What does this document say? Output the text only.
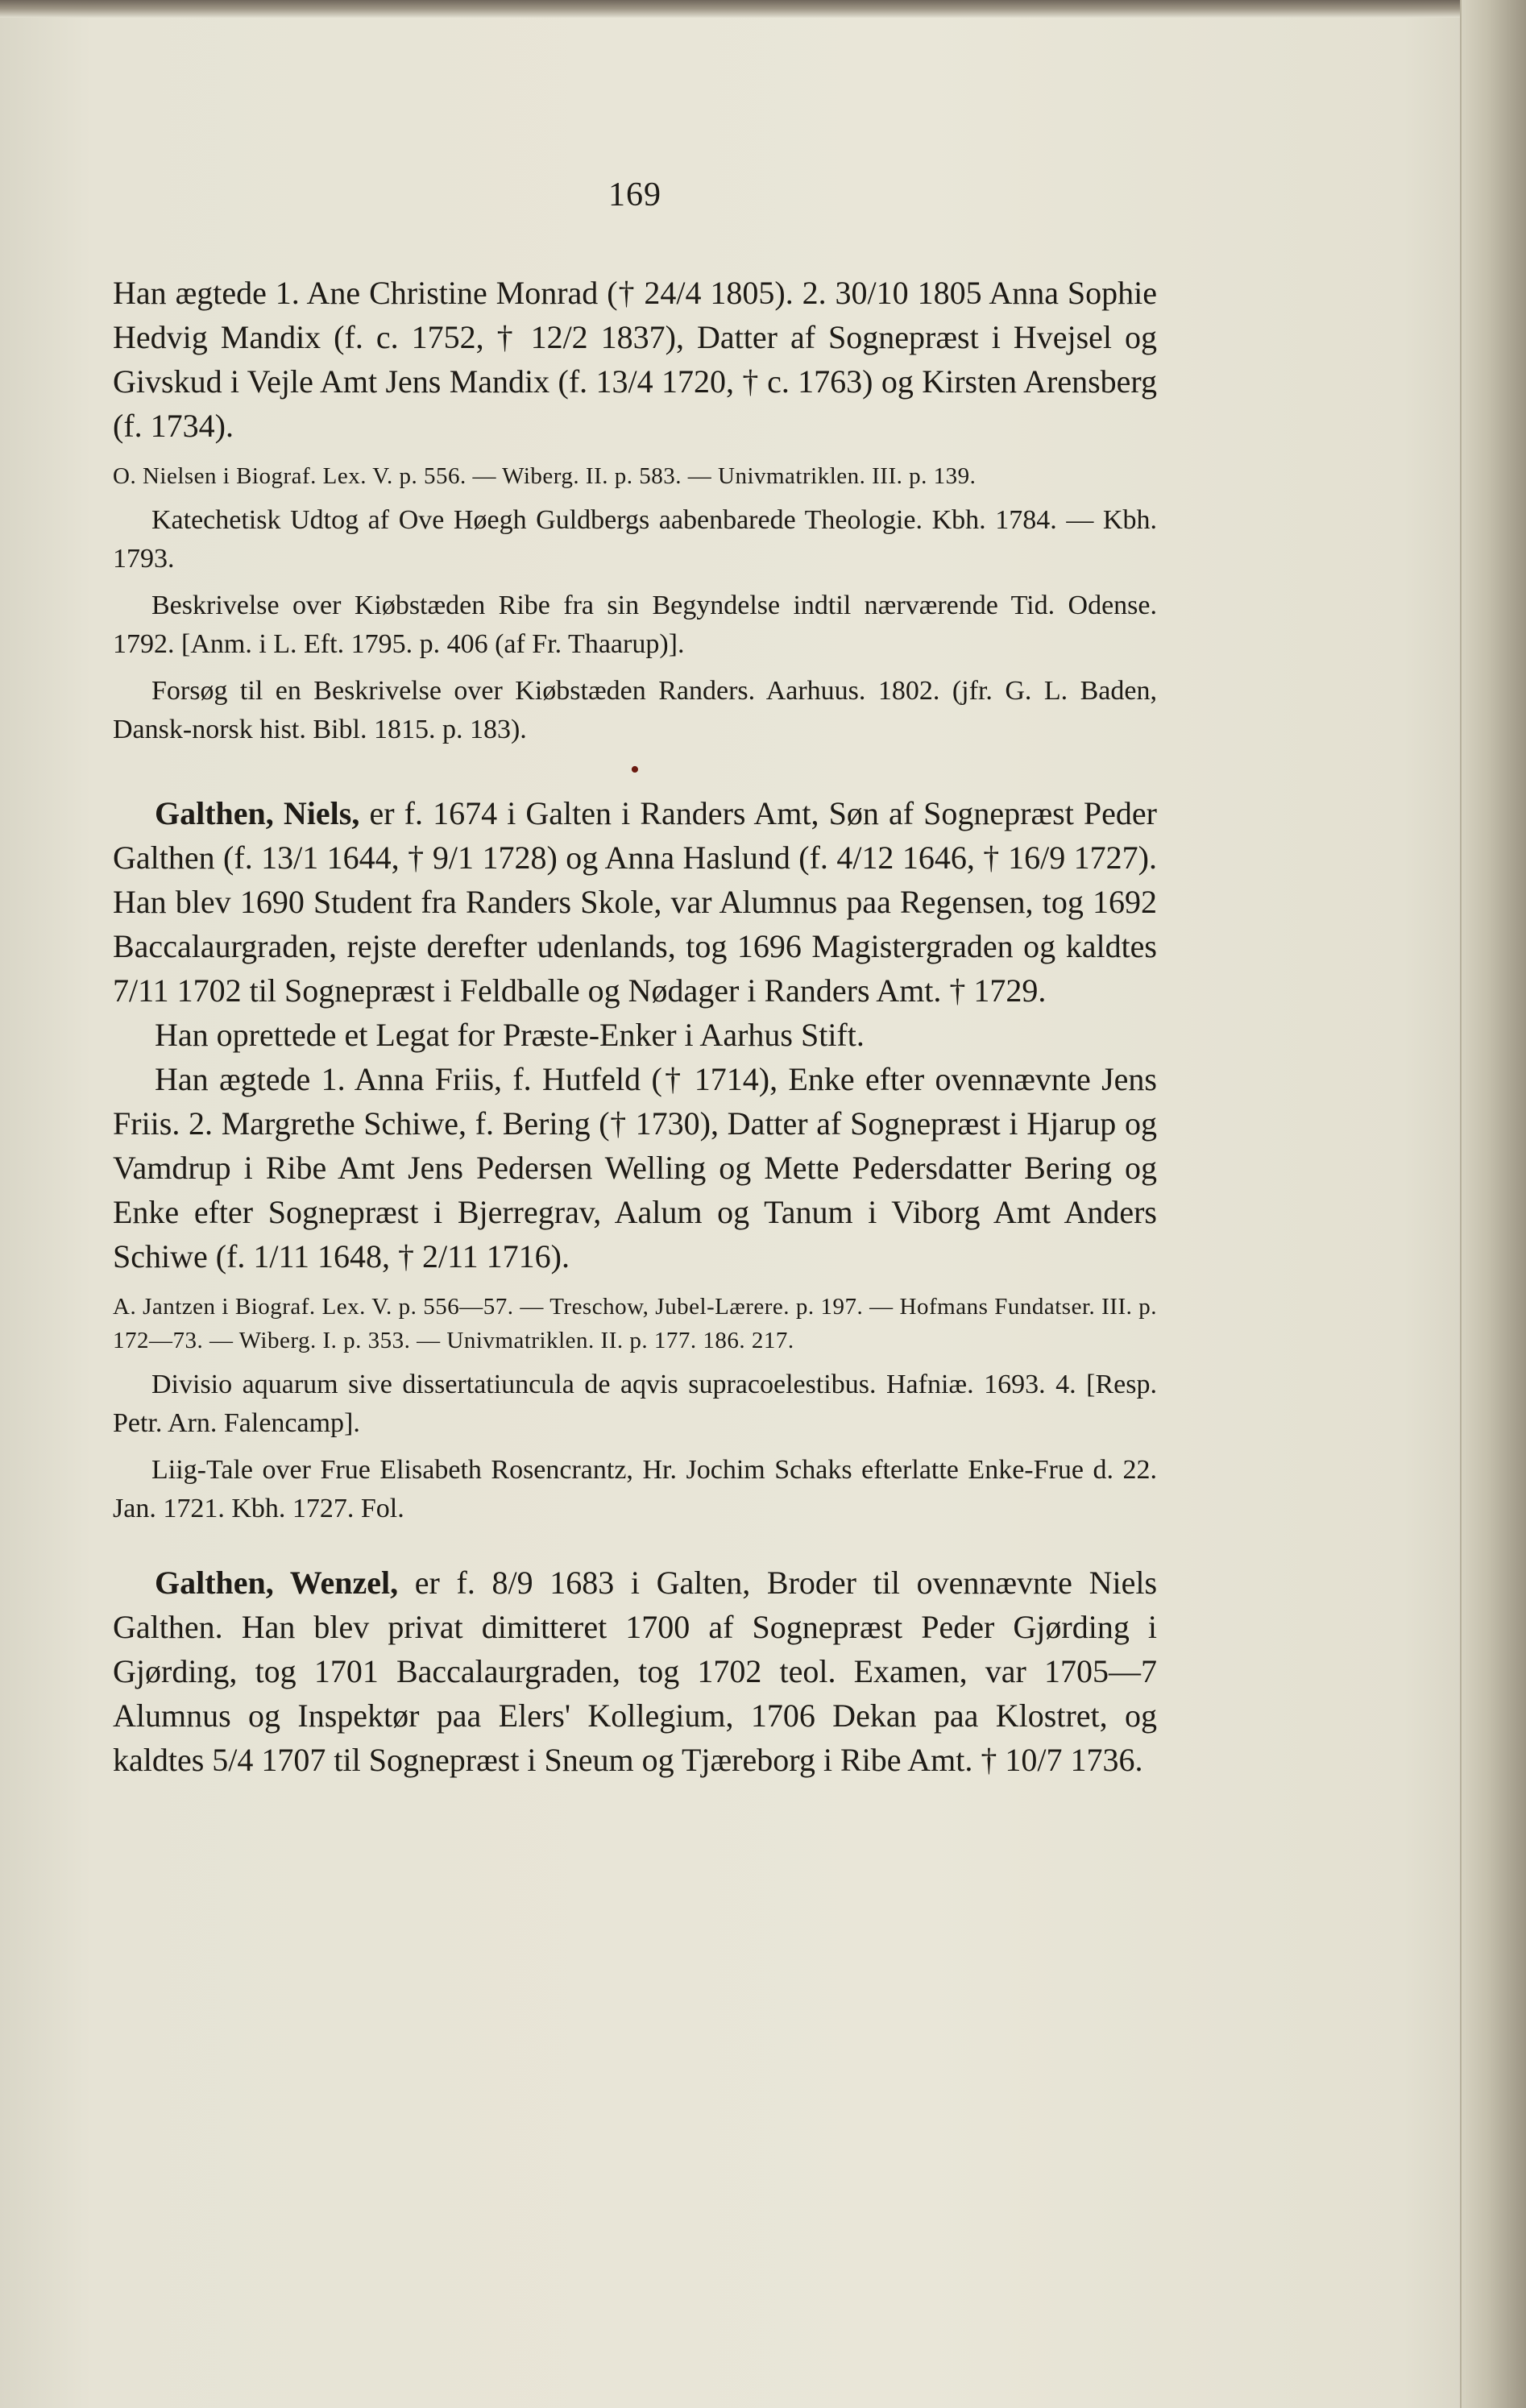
169

Han ægtede 1. Ane Christine Monrad († 24/4 1805). 2. 30/10 1805 Anna Sophie Hedvig Mandix (f. c. 1752, † 12/2 1837), Datter af Sognepræst i Hvejsel og Givskud i Vejle Amt Jens Mandix (f. 13/4 1720, † c. 1763) og Kirsten Arensberg (f. 1734).

O. Nielsen i Biograf. Lex. V. p. 556. — Wiberg. II. p. 583. — Univmatriklen. III. p. 139.

Katechetisk Udtog af Ove Høegh Guldbergs aabenbarede Theologie. Kbh. 1784. — Kbh. 1793.

Beskrivelse over Kiøbstæden Ribe fra sin Begyndelse indtil nærværende Tid. Odense. 1792. [Anm. i L. Eft. 1795. p. 406 (af Fr. Thaarup)].

Forsøg til en Beskrivelse over Kiøbstæden Randers. Aarhuus. 1802. (jfr. G. L. Baden, Dansk-norsk hist. Bibl. 1815. p. 183).

•

Galthen, Niels, er f. 1674 i Galten i Randers Amt, Søn af Sognepræst Peder Galthen (f. 13/1 1644, † 9/1 1728) og Anna Haslund (f. 4/12 1646, † 16/9 1727). Han blev 1690 Student fra Randers Skole, var Alumnus paa Regensen, tog 1692 Baccalaurgraden, rejste derefter udenlands, tog 1696 Magistergraden og kaldtes 7/11 1702 til Sognepræst i Feldballe og Nødager i Randers Amt. † 1729.

Han oprettede et Legat for Præste-Enker i Aarhus Stift.

Han ægtede 1. Anna Friis, f. Hutfeld († 1714), Enke efter ovennævnte Jens Friis. 2. Margrethe Schiwe, f. Bering († 1730), Datter af Sognepræst i Hjarup og Vamdrup i Ribe Amt Jens Pedersen Welling og Mette Pedersdatter Bering og Enke efter Sognepræst i Bjerregrav, Aalum og Tanum i Viborg Amt Anders Schiwe (f. 1/11 1648, † 2/11 1716).

A. Jantzen i Biograf. Lex. V. p. 556—57. — Treschow, Jubel-Lærere. p. 197. — Hofmans Fundatser. III. p. 172—73. — Wiberg. I. p. 353. — Univmatriklen. II. p. 177. 186. 217.

Divisio aquarum sive dissertatiuncula de aqvis supracoelestibus. Hafniæ. 1693. 4. [Resp. Petr. Arn. Falencamp].

Liig-Tale over Frue Elisabeth Rosencrantz, Hr. Jochim Schaks efterlatte Enke-Frue d. 22. Jan. 1721. Kbh. 1727. Fol.

Galthen, Wenzel, er f. 8/9 1683 i Galten, Broder til ovennævnte Niels Galthen. Han blev privat dimitteret 1700 af Sognepræst Peder Gjørding i Gjørding, tog 1701 Baccalaurgraden, tog 1702 teol. Examen, var 1705—7 Alumnus og Inspektør paa Elers' Kollegium, 1706 Dekan paa Klostret, og kaldtes 5/4 1707 til Sognepræst i Sneum og Tjæreborg i Ribe Amt. † 10/7 1736.
